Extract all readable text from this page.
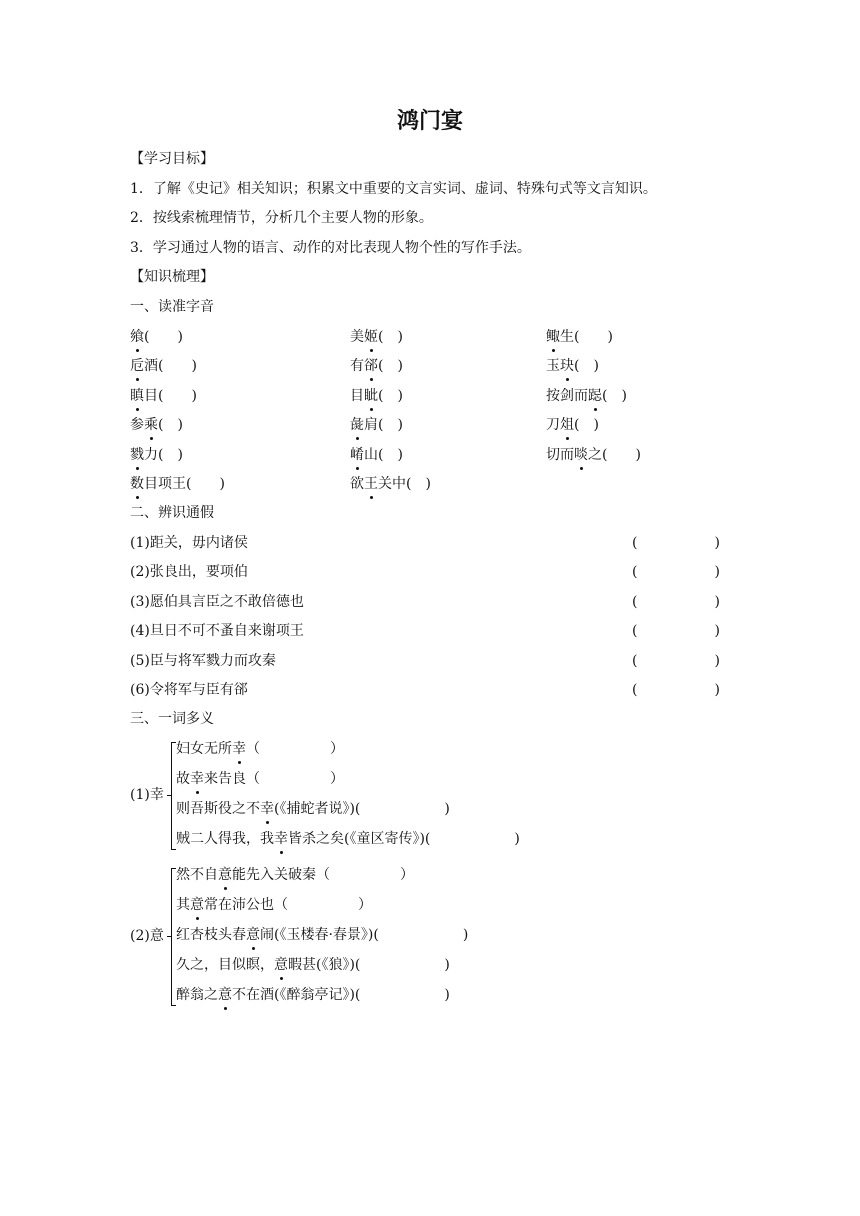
鸿门宴
【学习目标】
1．了解《史记》相关知识；积累文中重要的文言实词、虚词、特殊句式等文言知识。
2．按线索梳理情节，分析几个主要人物的形象。
3．学习通过人物的语言、动作的对比表现人物个性的写作手法。
【知识梳理】
一、读准字音
飨(　　)	美姬(　)	鲰生(　　)
卮酒(　　)	有郤(　)	玉玦(　)
瞋目(　　)	目眦(　)	按剑而跽(　)
参乘(　)	彘肩(　)	刀俎(　)
戮力(　)	崤山(　)	切而啖之(　　)
数目项王(　　)	欲王关中(　)
二、辨识通假
(1)距关，毋内诸侯	(	)
(2)张良出，要项伯	(	)
(3)愿伯具言臣之不敢倍德也	(	)
(4)旦日不可不蚤自来谢项王	(	)
(5)臣与将军戮力而攻秦	(	)
(6)令将军与臣有郤	(	)
三、一词多义
(1)幸
妇女无所幸（　　　　　）
故幸来告良（　　　　　）
则吾斯役之不幸(《捕蛇者说》)(　　　　　　)
贼二人得我，我幸皆杀之矣(《童区寄传》)(　　　　　　)
(2)意
然不自意能先入关破秦（　　　　　）
其意常在沛公也（　　　　　）
红杏枝头春意闹(《玉楼春·春景》)(　　　　　　)
久之，目似瞑，意暇甚(《狼》)(　　　　　　)
醉翁之意不在酒(《醉翁亭记》)(　　　　　　)
